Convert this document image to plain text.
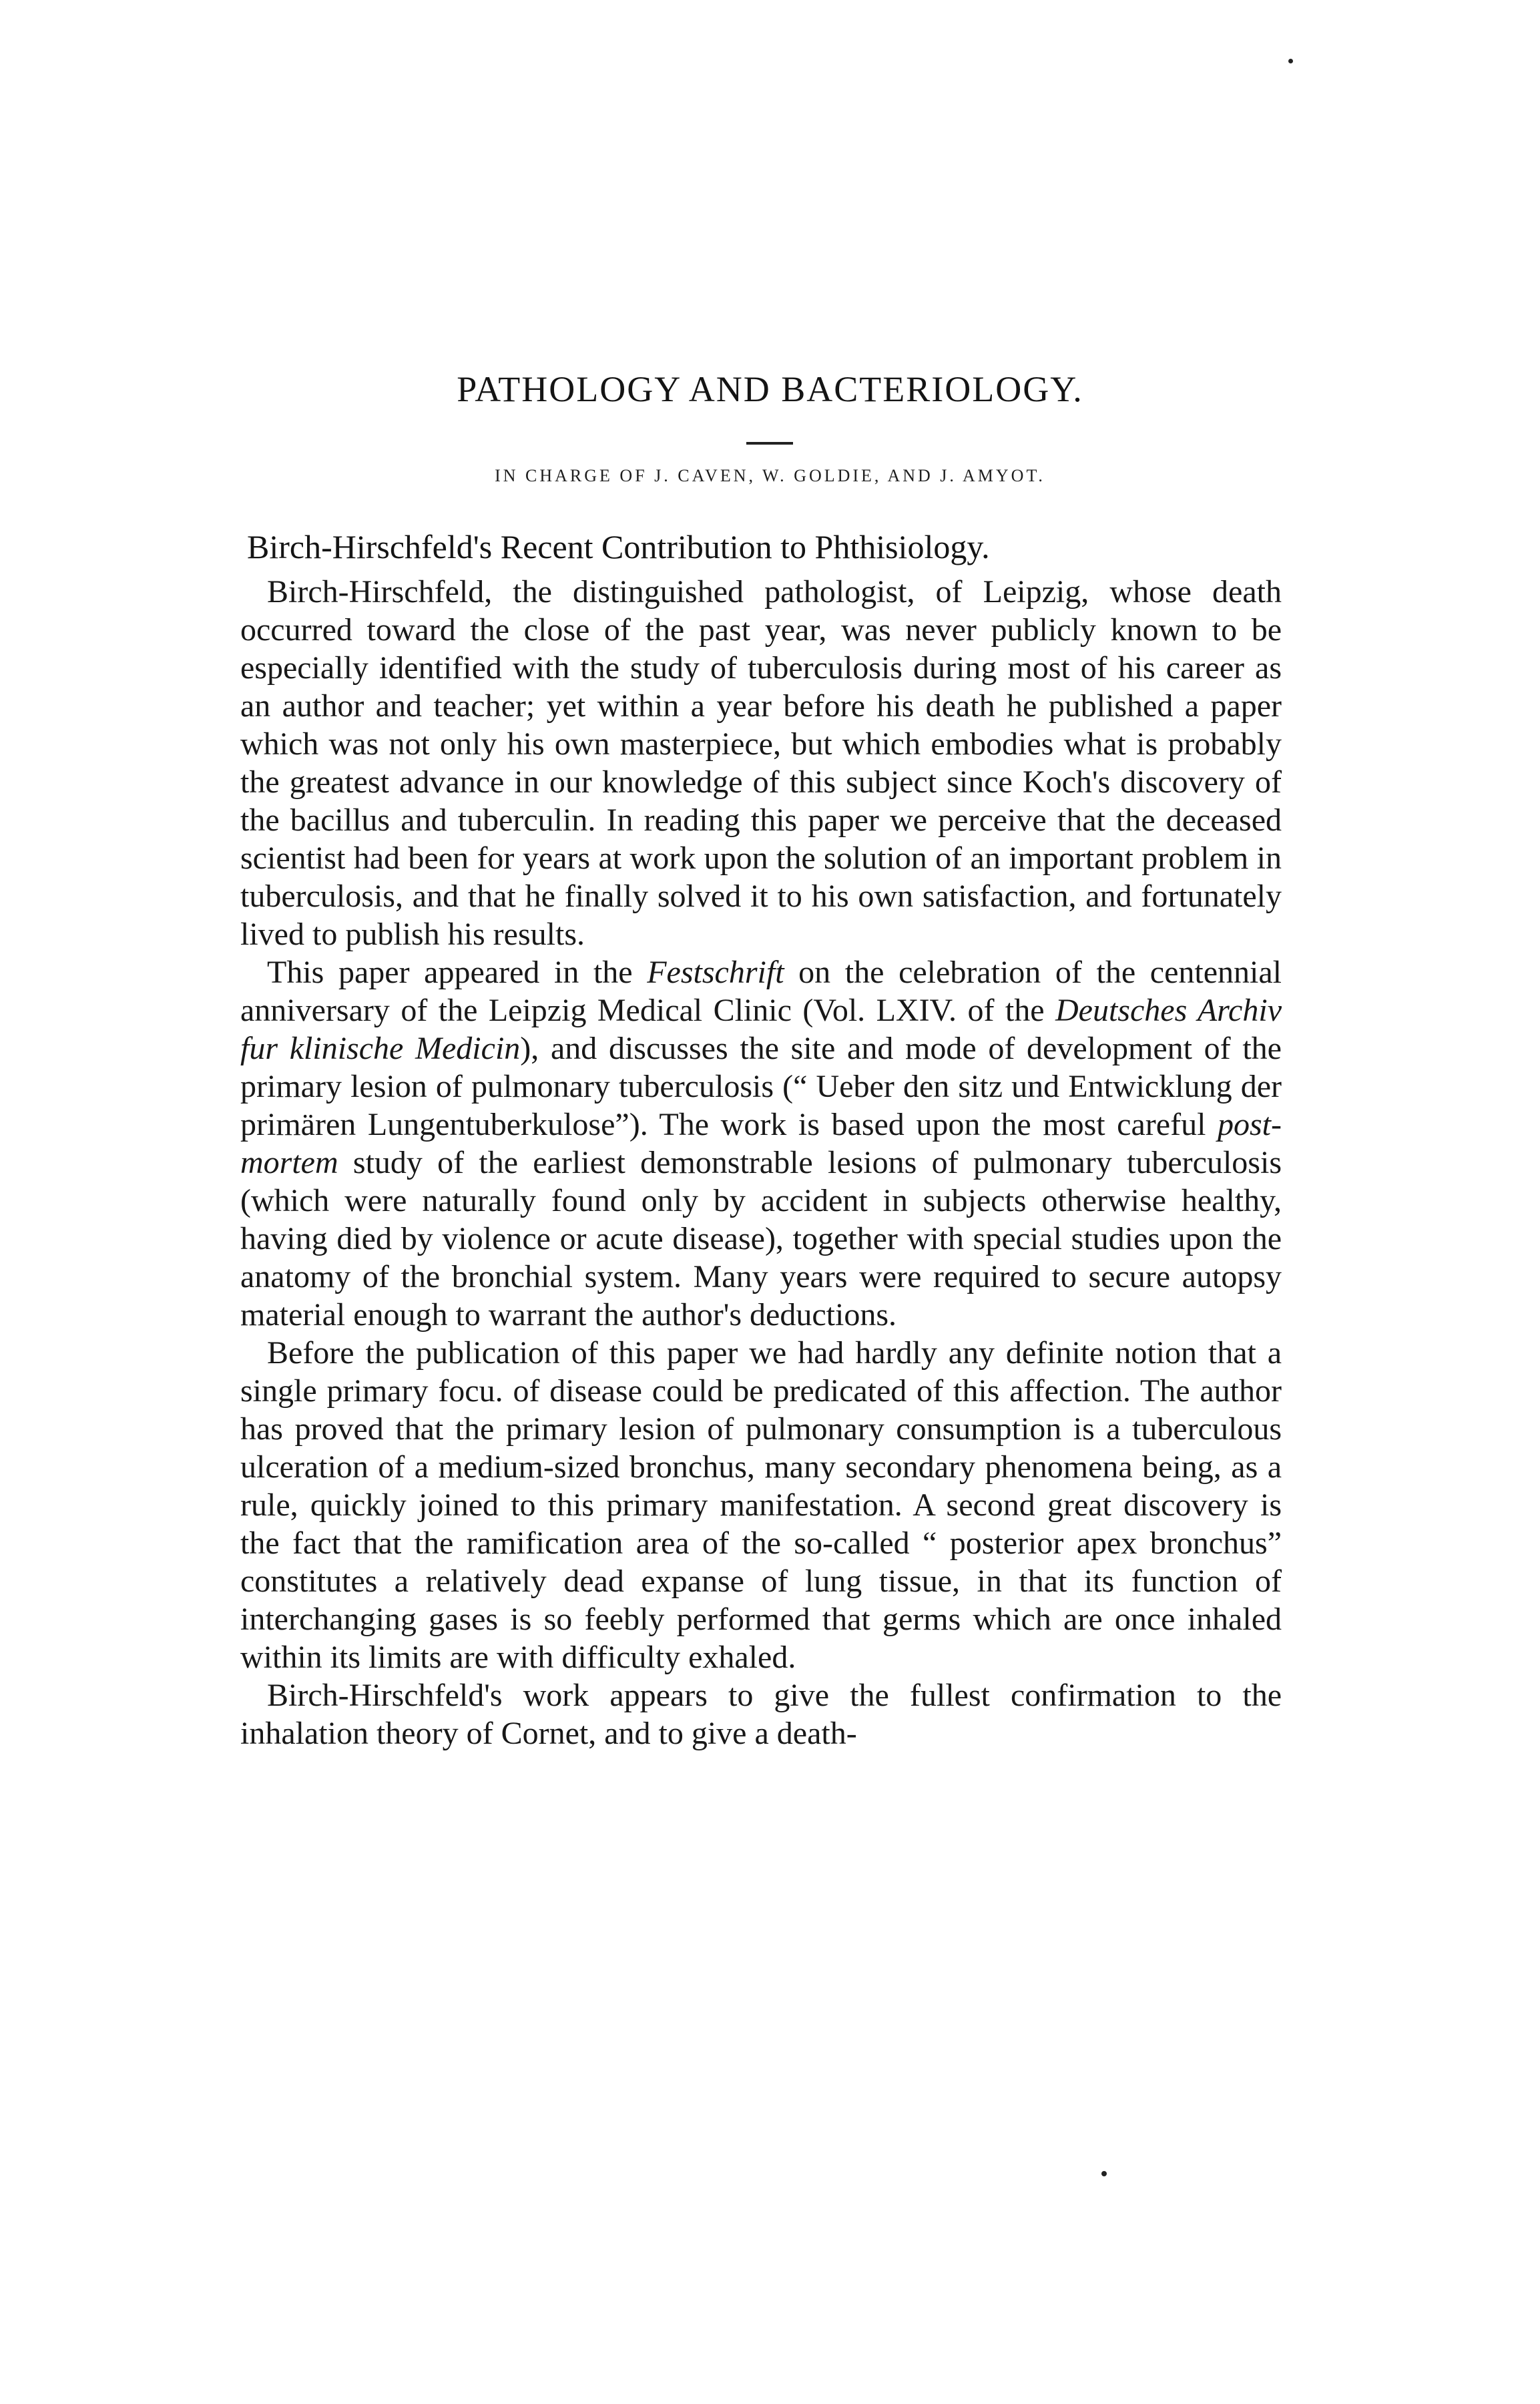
PATHOLOGY AND BACTERIOLOGY.
IN CHARGE OF J. CAVEN, W. GOLDIE, AND J. AMYOT.
Birch-Hirschfeld's Recent Contribution to Phthisiology.

Birch-Hirschfeld, the distinguished pathologist, of Leipzig, whose death occurred toward the close of the past year, was never publicly known to be especially identified with the study of tuberculosis during most of his career as an author and teacher; yet within a year before his death he published a paper which was not only his own masterpiece, but which embodies what is probably the greatest advance in our knowledge of this subject since Koch's discovery of the bacillus and tuberculin. In reading this paper we perceive that the deceased scientist had been for years at work upon the solution of an important problem in tuberculosis, and that he finally solved it to his own satisfaction, and fortunately lived to publish his results.

This paper appeared in the Festschrift on the celebration of the centennial anniversary of the Leipzig Medical Clinic (Vol. LXIV. of the Deutsches Archiv fur klinische Medicin), and discusses the site and mode of development of the primary lesion of pulmonary tuberculosis (“ Ueber den sitz und Entwicklung der primären Lungentuberkulose”). The work is based upon the most careful post-mortem study of the earliest demonstrable lesions of pulmonary tuberculosis (which were naturally found only by accident in subjects otherwise healthy, having died by violence or acute disease), together with special studies upon the anatomy of the bronchial system. Many years were required to secure autopsy material enough to warrant the author's deductions.

Before the publication of this paper we had hardly any definite notion that a single primary focu. of disease could be predicated of this affection. The author has proved that the primary lesion of pulmonary consumption is a tuberculous ulceration of a medium-sized bronchus, many secondary phenomena being, as a rule, quickly joined to this primary manifestation. A second great discovery is the fact that the ramification area of the so-called “ posterior apex bronchus” constitutes a relatively dead expanse of lung tissue, in that its function of interchanging gases is so feebly performed that germs which are once inhaled within its limits are with difficulty exhaled.

Birch-Hirschfeld's work appears to give the fullest confirmation to the inhalation theory of Cornet, and to give a death-
